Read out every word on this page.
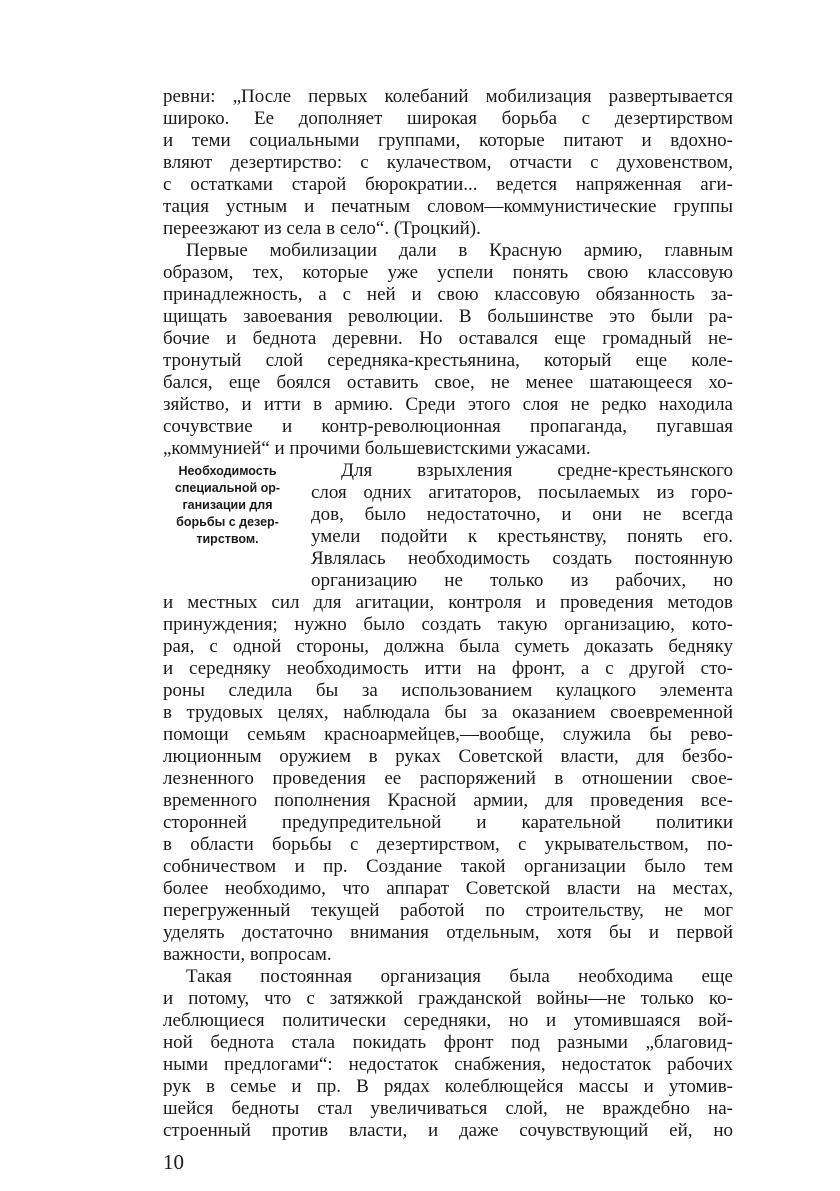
ревни: „После первых колебаний мобилизация развертывается
широко. Ее дополняет широкая борьба с дезертирством
и теми социальными группами, которые питают и вдохно-
вляют дезертирство: с кулачеством, отчасти с духовенством,
с остатками старой бюрократии... ведется напряженная аги-
тация устным и печатным словом—коммунистические группы
переезжают из села в село“. (Троцкий).
Первые мобилизации дали в Красную армию, главным
образом, тех, которые уже успели понять свою классовую
принадлежность, а с ней и свою классовую обязанность за-
щищать завоевания революции. В большинстве это были ра-
бочие и беднота деревни. Но оставался еще громадный не-
тронутый слой середняка-крестьянина, который еще коле-
бался, еще боялся оставить свое, не менее шатающееся хо-
зяйство, и итти в армию. Среди этого слоя не редко находила
сочувствие и контр-революционная пропаганда, пугавшая
„коммунией“ и прочими большевистскими ужасами.
Для взрыхления средне-крестьянского
слоя одних агитаторов, посылаемых из горо-
дов, было недостаточно, и они не всегда
умели подойти к крестьянству, понять его.
Являлась необходимость создать постоянную
организацию не только из рабочих, но
Необходимость
специальной ор-
ганизации для
борьбы с дезер-
тирством.
и местных сил для агитации, контроля и проведения методов
принуждения; нужно было создать такую организацию, кото-
рая, с одной стороны, должна была суметь доказать бедняку
и середняку необходимость итти на фронт, а с другой сто-
роны следила бы за использованием кулацкого элемента
в трудовых целях, наблюдала бы за оказанием своевременной
помощи семьям красноармейцев,—вообще, служила бы рево-
люционным оружием в руках Советской власти, для безбо-
лезненного проведения ее распоряжений в отношении свое-
временного пополнения Красной армии, для проведения все-
сторонней предупредительной и карательной политики
в области борьбы с дезертирством, с укрывательством, по-
собничеством и пр. Создание такой организации было тем
более необходимо, что аппарат Советской власти на местах,
перегруженный текущей работой по строительству, не мог
уделять достаточно внимания отдельным, хотя бы и первой
важности, вопросам.
Такая постоянная организация была необходима еще
и потому, что с затяжкой гражданской войны—не только ко-
леблющиеся политически середняки, но и утомившаяся вой-
ной беднота стала покидать фронт под разными „благовид-
ными предлогами“: недостаток снабжения, недостаток рабочих
рук в семье и пр. В рядах колеблющейся массы и утомив-
шейся бедноты стал увеличиваться слой, не враждебно на-
строенный против власти, и даже сочувствующий ей, но
10
